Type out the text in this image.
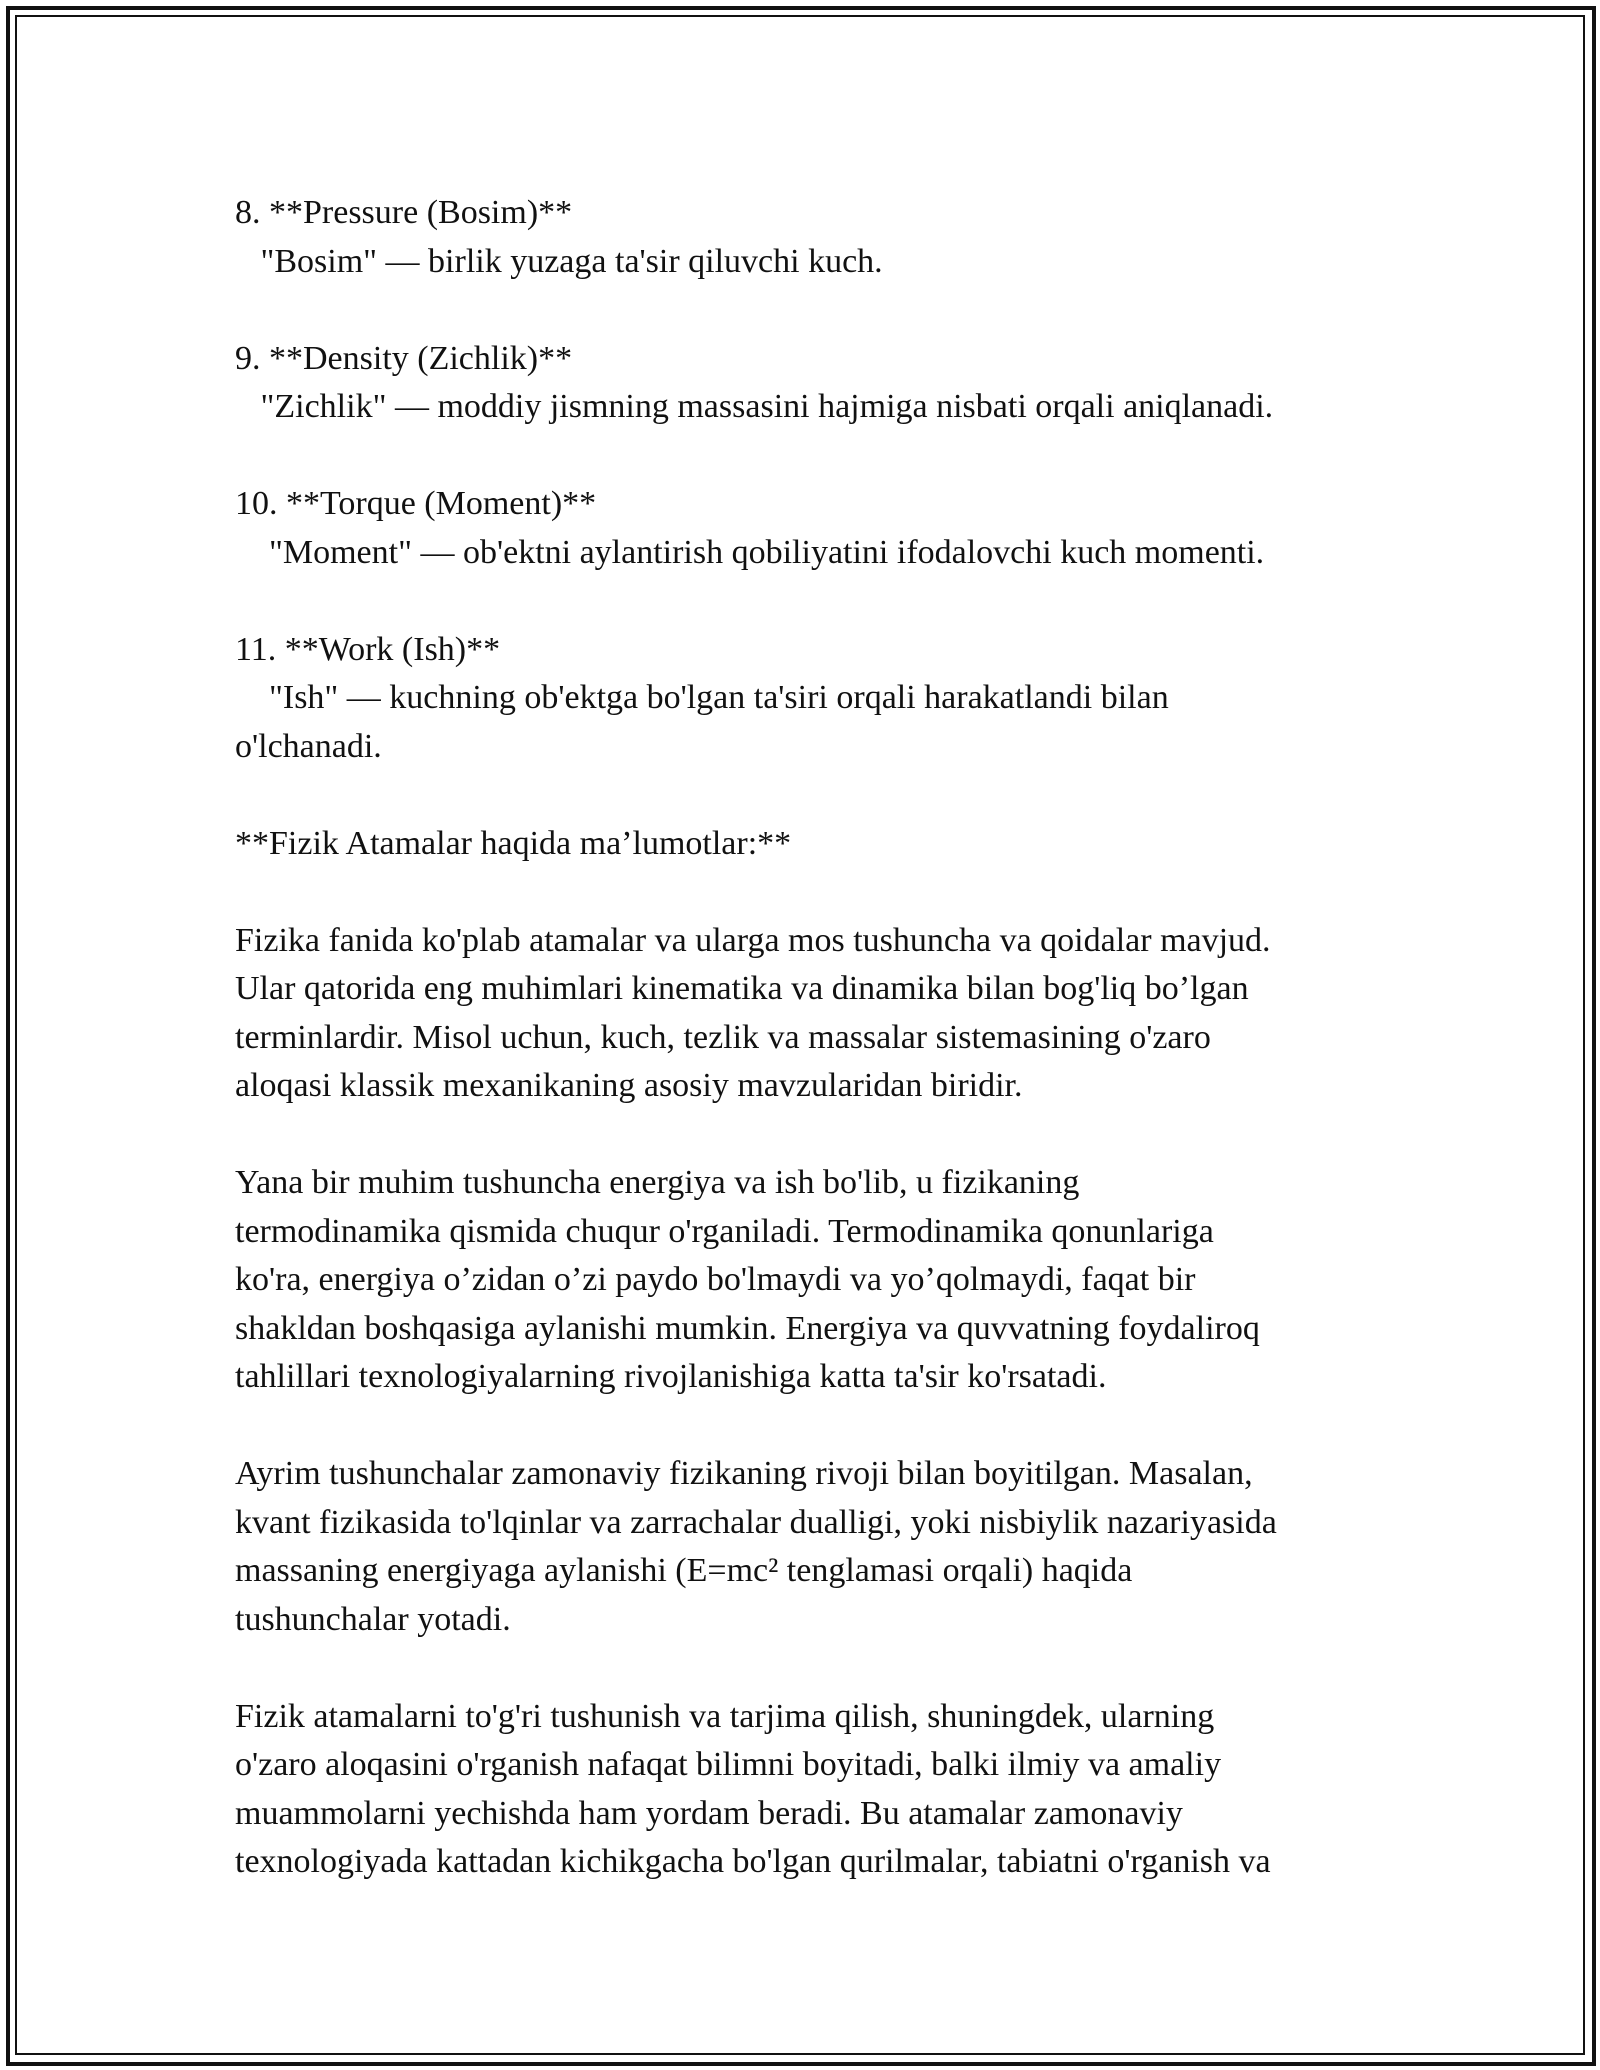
8. **Pressure (Bosim)**
"Bosim" — birlik yuzaga ta'sir qiluvchi kuch.
9. **Density (Zichlik)**
"Zichlik" — moddiy jismning massasini hajmiga nisbati orqali aniqlanadi.
10. **Torque (Moment)**
"Moment" — ob'ektni aylantirish qobiliyatini ifodalovchi kuch momenti.
11. **Work (Ish)**
"Ish" — kuchning ob'ektga bo'lgan ta'siri orqali harakatlandi bilan
o'lchanadi.
**Fizik Atamalar haqida ma’lumotlar:**
Fizika fanida ko'plab atamalar va ularga mos tushuncha va qoidalar mavjud.
Ular qatorida eng muhimlari kinematika va dinamika bilan bog'liq bo’lgan
terminlardir. Misol uchun, kuch, tezlik va massalar sistemasining o'zaro
aloqasi klassik mexanikaning asosiy mavzularidan biridir.
Yana bir muhim tushuncha energiya va ish bo'lib, u fizikaning
termodinamika qismida chuqur o'rganiladi. Termodinamika qonunlariga
ko'ra, energiya o’zidan o’zi paydo bo'lmaydi va yo’qolmaydi, faqat bir
shakldan boshqasiga aylanishi mumkin. Energiya va quvvatning foydaliroq
tahlillari texnologiyalarning rivojlanishiga katta ta'sir ko'rsatadi.
Ayrim tushunchalar zamonaviy fizikaning rivoji bilan boyitilgan. Masalan,
kvant fizikasida to'lqinlar va zarrachalar dualligi, yoki nisbiylik nazariyasida
massaning energiyaga aylanishi (E=mc² tenglamasi orqali) haqida
tushunchalar yotadi.
Fizik atamalarni to'g'ri tushunish va tarjima qilish, shuningdek, ularning
o'zaro aloqasini o'rganish nafaqat bilimni boyitadi, balki ilmiy va amaliy
muammolarni yechishda ham yordam beradi. Bu atamalar zamonaviy
texnologiyada kattadan kichikgacha bo'lgan qurilmalar, tabiatni o'rganish va
